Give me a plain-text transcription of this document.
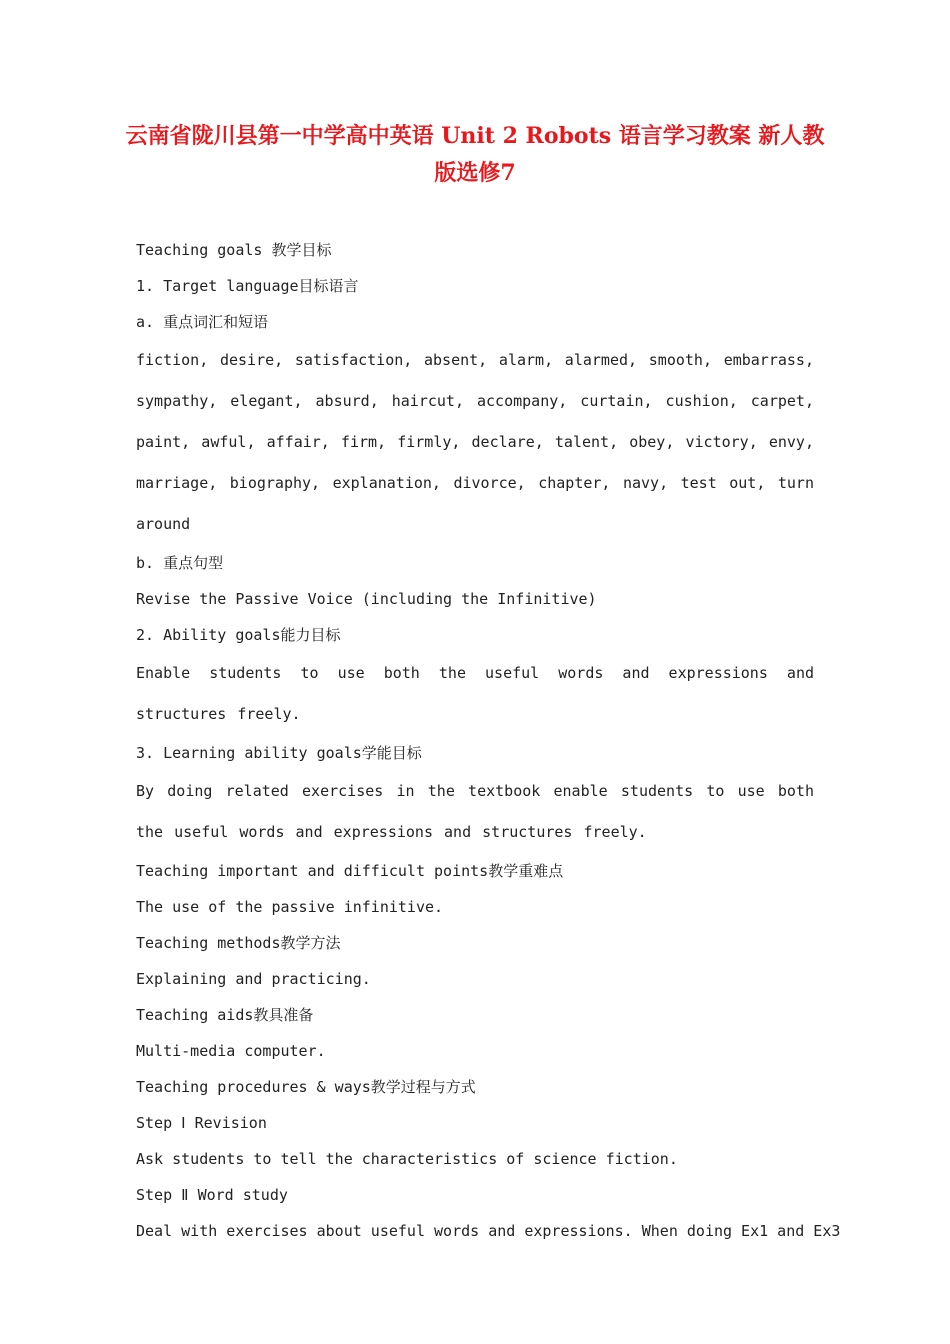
云南省陇川县第一中学高中英语 Unit 2 Robots 语言学习教案 新人教版选修7

Teaching goals 教学目标

1. Target language目标语言

a. 重点词汇和短语

fiction, desire, satisfaction, absent, alarm, alarmed, smooth, embarrass, sympathy, elegant, absurd, haircut, accompany, curtain, cushion, carpet, paint, awful, affair, firm, firmly, declare, talent, obey, victory, envy, marriage, biography, explanation, divorce, chapter, navy, test out, turn around

b. 重点句型

Revise the Passive Voice (including the Infinitive)

2. Ability goals能力目标

Enable students to use both the useful words and expressions and structures freely.

3. Learning ability goals学能目标

By doing related exercises in the textbook enable students to use both the useful words and expressions and structures freely.

Teaching important and difficult points教学重难点

The use of the passive infinitive.

Teaching methods教学方法

Explaining and practicing.

Teaching aids教具准备

Multi-media computer.

Teaching procedures & ways教学过程与方式

Step Ⅰ Revision

Ask students to tell the characteristics of science fiction.

Step Ⅱ Word study

Deal with exercises about useful words and expressions. When doing Ex1 and Ex3
